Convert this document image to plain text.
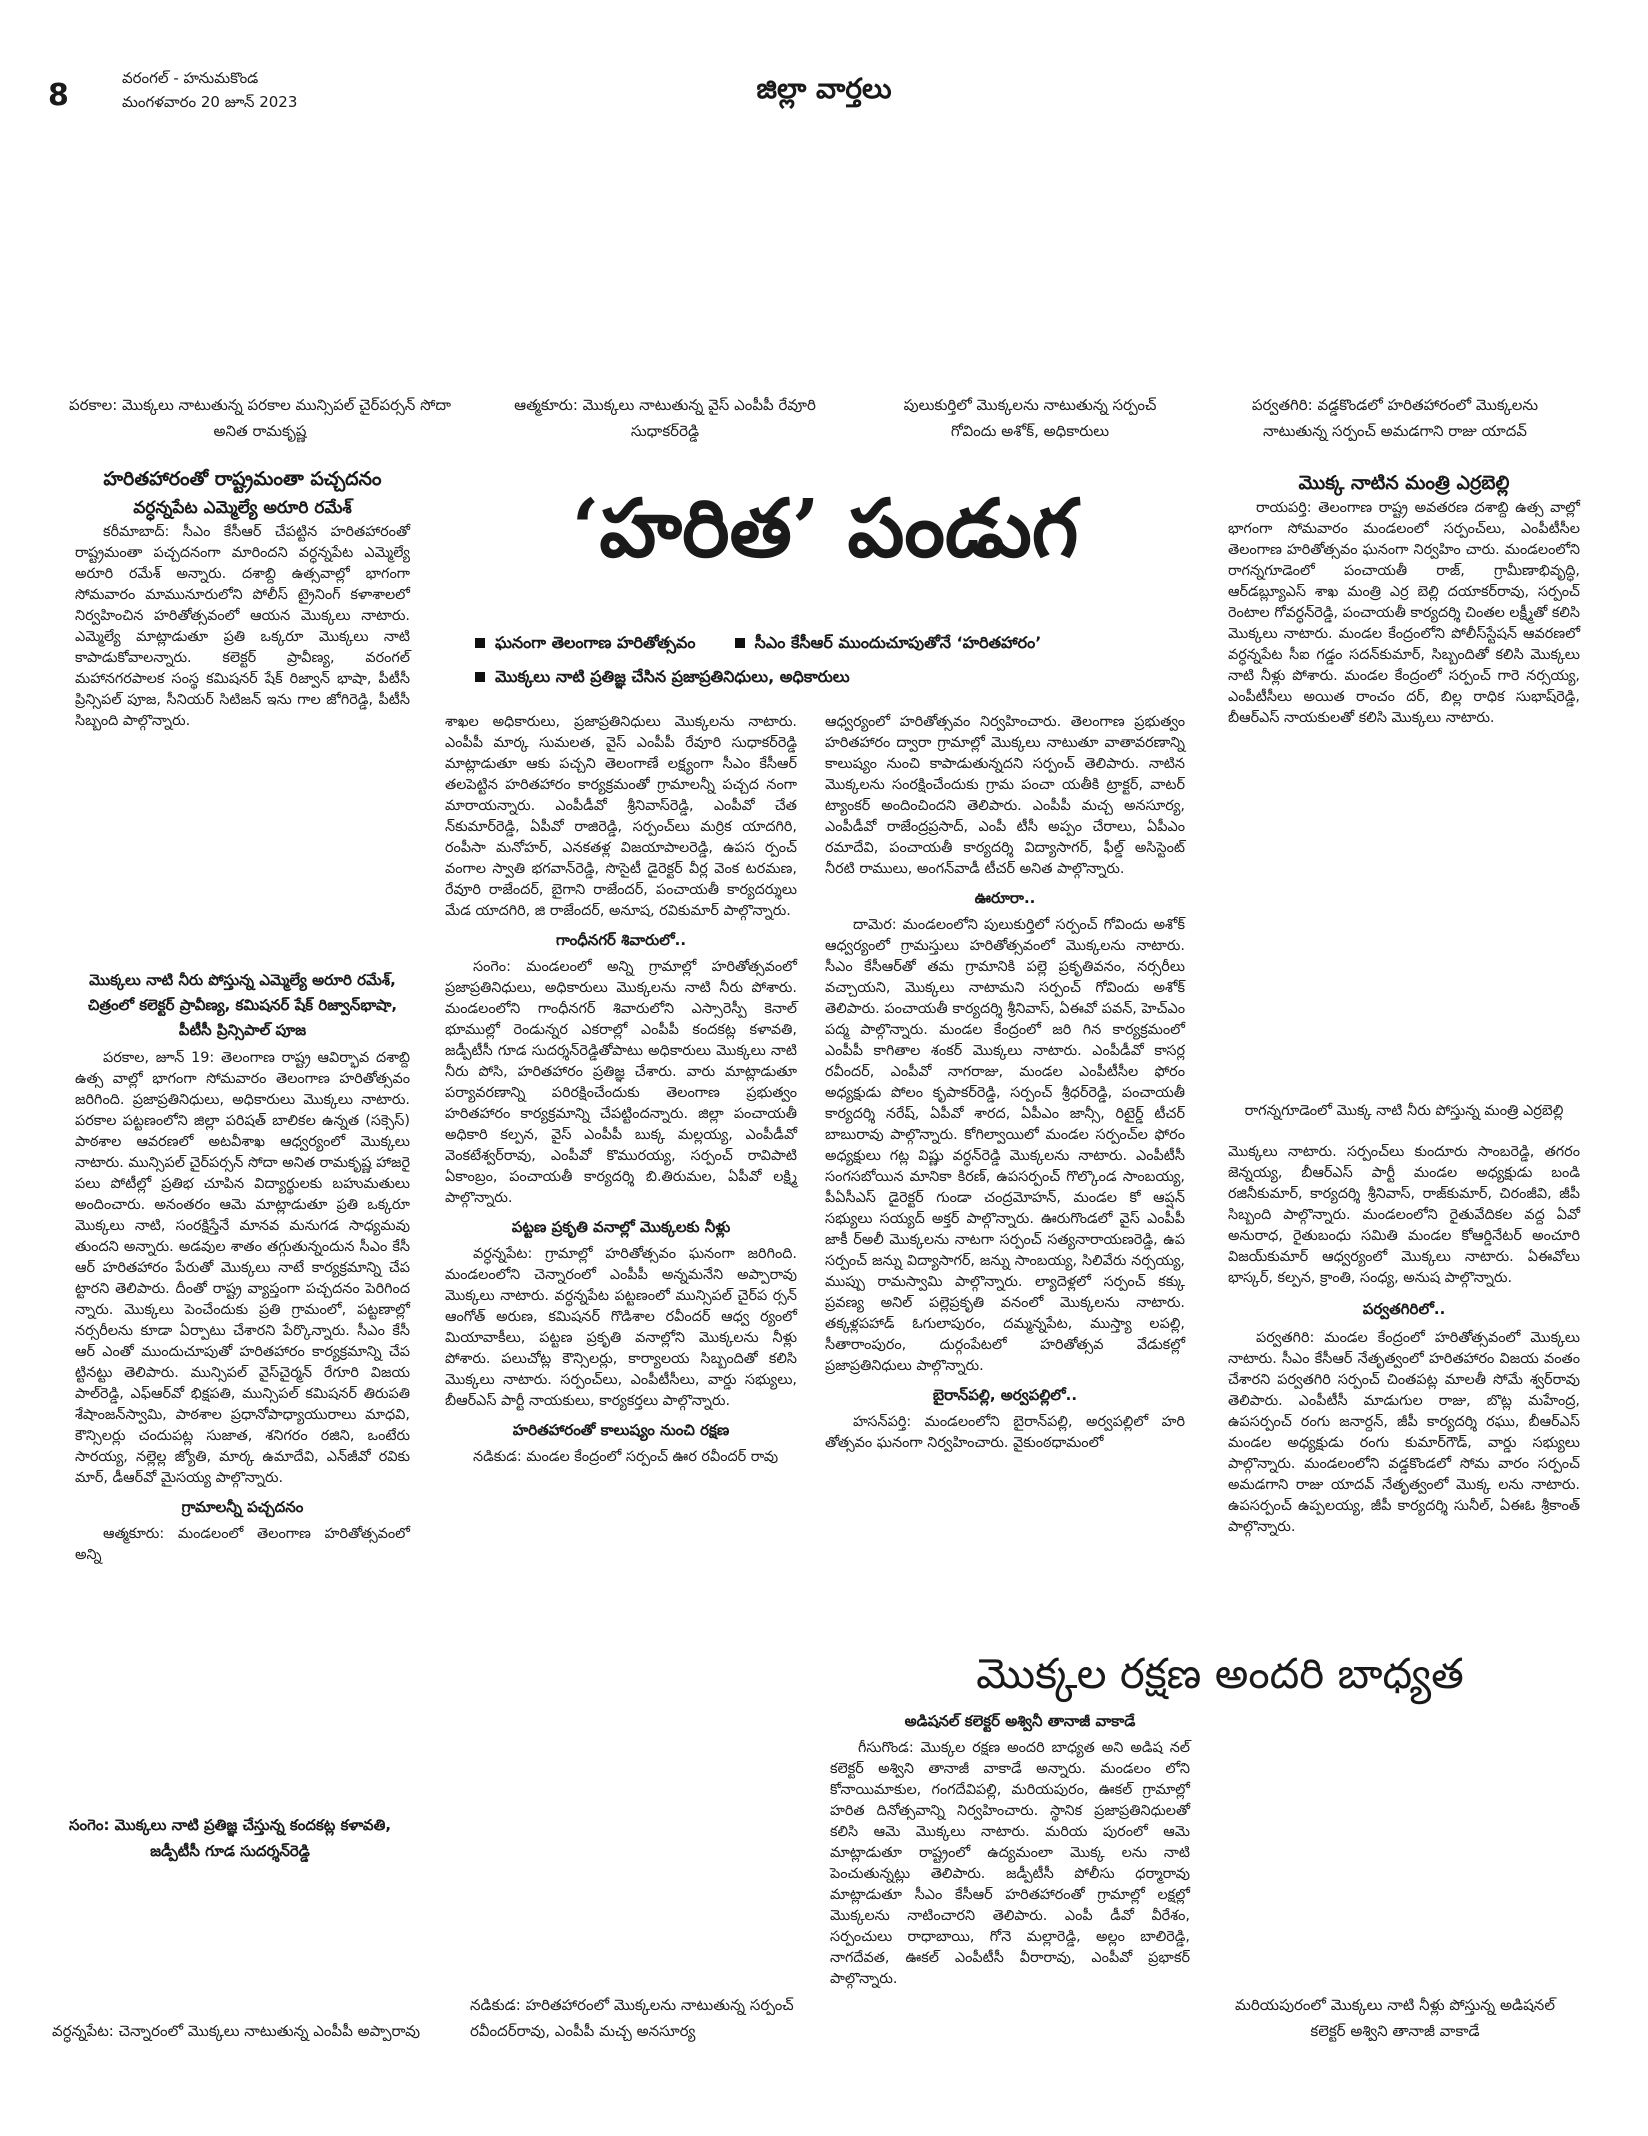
8	వరంగల్ - హనుమకొండ
మంగళవారం 20 జూన్ 2023	జిల్లా వార్తలు
పరకాల: మొక్కలు నాటుతున్న పరకాల మున్సిపల్ చైర్‌పర్సన్ సోదా అనిత రామకృష్ణ
ఆత్మకూరు: మొక్కలు నాటుతున్న వైస్ ఎంపీపీ రేవూరి సుధాకర్‌రెడ్డి
పులుకుర్తిలో మొక్కలను నాటుతున్న సర్పంచ్ గోవిందు అశోక్, అధికారులు
పర్వతగిరి: వడ్డకొండలో హరితహారంలో మొక్కలను నాటుతున్న సర్పంచ్ అమడగాని రాజు యాదవ్
హరితహారంతో రాష్ట్రమంతా పచ్చదనం
వర్ధన్నపేట ఎమ్మెల్యే అరూరి రమేశ్

కరీమాబాద్: సీఎం కేసీఆర్ చేపట్టిన హరితహారంతో రాష్ట్రమంతా పచ్చదనంగా మారిందని వర్ధన్నపేట ఎమ్మెల్యే అరూరి రమేశ్ అన్నారు. దశాబ్ది ఉత్సవాల్లో భాగంగా సోమవారం మామునూరులోని పోలీస్ ట్రైనింగ్ కళాశాలలో నిర్వహించిన హరితోత్సవంలో ఆయన మొక్కలు నాటారు. ఎమ్మెల్యే మాట్లాడుతూ ప్రతి ఒక్కరూ మొక్కలు నాటి కాపాడుకోవాలన్నారు. కలెక్టర్ ప్రావీణ్య, వరంగల్ మహానగరపాలక సంస్థ కమిషనర్ షేక్ రిజ్వాన్ భాషా, పీటీసీ ప్రిన్సిపల్ పూజ, సీనియర్ సిటిజన్ ఇను గాల జోగిరెడ్డి, పీటీసీ సిబ్బంది పాల్గొన్నారు.

‘హరిత’ పండుగ
ఘనంగా తెలంగాణ హరితోత్సవం	సీఎం కేసీఆర్ ముందుచూపుతోనే ‘హరితహారం’
మొక్కలు నాటి ప్రతిజ్ఞ చేసిన ప్రజాప్రతినిధులు, అధికారులు
మొక్క నాటిన మంత్రి ఎర్రబెల్లి

రాయపర్తి: తెలంగాణ రాష్ట్ర అవతరణ దశాబ్ది ఉత్స వాల్లో భాగంగా సోమవారం మండలంలో సర్పంచ్‌లు, ఎంపీటీసీల తెలంగాణ హరితోత్సవం ఘనంగా నిర్వహిం చారు. మండలంలోని రాగన్నగూడెంలో పంచాయతీ రాజ్, గ్రామీణాభివృద్ధి, ఆర్‌డబ్ల్యూఎస్ శాఖ మంత్రి ఎర్ర బెల్లి దయాకర్‌రావు, సర్పంచ్ రెంటాల గోవర్ధన్‌రెడ్డి, పంచాయతీ కార్యదర్శి చింతల లక్ష్మీతో కలిసి మొక్కలు నాటారు. మండల కేంద్రంలోని పోలీస్‌స్టేషన్ ఆవరణలో వర్ధన్నపేట సీఐ గడ్డం సదన్‌కుమార్, సిబ్బందితో కలిసి మొక్కలు నాటి నీళ్లు పోశారు. మండల కేంద్రంలో సర్పంచ్ గారె నర్సయ్య, ఎంపీటీసీలు అయిత రాంచం దర్, బిల్ల రాధిక సుభాష్‌రెడ్డి, బీఆర్‌ఎస్ నాయకులతో కలిసి మొక్కలు నాటారు.

శాఖల అధికారులు, ప్రజాప్రతినిధులు మొక్కలను నాటారు. ఎంపీపీ మార్క సుమలత, వైస్ ఎంపీపీ రేవూరి సుధాకర్‌రెడ్డి మాట్లాడుతూ ఆకు పచ్చని తెలంగాణే లక్ష్యంగా సీఎం కేసీఆర్ తలపెట్టిన హరితహారం కార్యక్రమంతో గ్రామాలన్నీ పచ్చద నంగా మారాయన్నారు. ఎంపీడీవో శ్రీనివాస్‌రెడ్డి, ఎంపీవో చేత న్‌కుమార్‌రెడ్డి, ఏపీవో రాజిరెడ్డి, సర్పంచ్‌లు మర్రిక యాదగిరి, రంపీసా మనోహర్, ఎనకతళ్ల విజయాపాలరెడ్డి, ఉపస ర్పంచ్ వంగాల స్వాతి భగవాన్‌రెడ్డి, సొసైటీ డైరెక్టర్ వీర్ల వెంక టరమణ, రేవూరి రాజేందర్, బైగాని రాజేందర్, పంచాయతీ కార్యదర్శులు మేడ యాదగిరి, జి రాజేందర్, అనూష, రవికుమార్ పాల్గొన్నారు.

గాంధీనగర్ శివారులో..

సంగెం: మండలంలో అన్ని గ్రామాల్లో హరితోత్సవంలో ప్రజాప్రతినిధులు, అధికారులు మొక్కలను నాటి నీరు పోశారు. మండలంలోని గాంధీనగర్ శివారులోని ఎస్సారెస్పీ కెనాల్ భూముల్లో రెండున్నర ఎకరాల్లో ఎంపీపీ కందకట్ల కళావతి, జడ్పీటీసీ గూడ సుదర్శన్‌రెడ్డితోపాటు అధికారులు మొక్కలు నాటి నీరు పోసి, హరితహారం ప్రతిజ్ఞ చేశారు. వారు మాట్లాడుతూ పర్యావరణాన్ని పరిరక్షించేందుకు తెలంగాణ ప్రభుత్వం హరితహారం కార్యక్రమాన్ని చేపట్టిందన్నారు. జిల్లా పంచాయతీ అధికారి కల్పన, వైస్ ఎంపీపీ బుక్క మల్లయ్య, ఎంపీడీవో వెంకటేశ్వర్‌రావు, ఎంపీవో కొమురయ్య, సర్పంచ్ రావిపాటి ఏకాంబ్రం, పంచాయతీ కార్యదర్శి బి.తిరుమల, ఏపీవో లక్ష్మి పాల్గొన్నారు.

పట్టణ ప్రకృతి వనాల్లో మొక్కలకు నీళ్లు

వర్ధన్నపేట: గ్రామాల్లో హరితోత్సవం ఘనంగా జరిగింది. మండలంలోని చెన్నారంలో ఎంపీపీ అన్నమనేని అప్పారావు మొక్కలు నాటారు. వర్ధన్నపేట పట్టణంలో మున్సిపల్ చైర్‌ప ర్సన్ ఆంగోత్ అరుణ, కమిషనర్ గొడిశాల రవీందర్ ఆధ్వ ర్యంలో మియావాకీలు, పట్టణ ప్రకృతి వనాల్లోని మొక్కలను నీళ్లు పోశారు. పలుచోట్ల కౌన్సిలర్లు, కార్యాలయ సిబ్బందితో కలిసి మొక్కలు నాటారు. సర్పంచ్‌లు, ఎంపీటీసీలు, వార్డు సభ్యులు, బీఆర్‌ఎస్ పార్టీ నాయకులు, కార్యకర్తలు పాల్గొన్నారు.

హరితహారంతో కాలుష్యం నుంచి రక్షణ

నడికుడ: మండల కేంద్రంలో సర్పంచ్ ఊర రవీందర్ రావు

ఆధ్వర్యంలో హరితోత్సవం నిర్వహించారు. తెలంగాణ ప్రభుత్వం హరితహారం ద్వారా గ్రామాల్లో మొక్కలు నాటుతూ వాతావరణాన్ని కాలుష్యం నుంచి కాపాడుతున్నదని సర్పంచ్ తెలిపారు. నాటిన మొక్కలను సంరక్షించేందుకు గ్రామ పంచా యతీకి ట్రాక్టర్, వాటర్ ట్యాంకర్ అందించిందని తెలిపారు. ఎంపీపీ మచ్చ అనసూర్య, ఎంపీడీవో రాజేంద్రప్రసాద్, ఎంపీ టీసీ అప్పం చేరాలు, ఏపీఎం రమాదేవి, పంచాయతీ కార్యదర్శి విద్యాసాగర్, ఫీల్డ్ అసిస్టెంట్ నీరటి రాములు, అంగన్‌వాడీ టీచర్ అనిత పాల్గొన్నారు.

ఊరూరా..

దామెర: మండలంలోని పులుకుర్తిలో సర్పంచ్ గోవిందు అశోక్ ఆధ్వర్యంలో గ్రామస్తులు హరితోత్సవంలో మొక్కలను నాటారు. సీఎం కేసీఆర్‌తో తమ గ్రామానికి పల్లె ప్రకృతివనం, నర్సరీలు వచ్చాయని, మొక్కలు నాటామని సర్పంచ్ గోవిందు అశోక్ తెలిపారు. పంచాయతీ కార్యదర్శి శ్రీనివాస్, ఏఈవో పవన్, హెచ్‌ఎం పద్మ పాల్గొన్నారు. మండల కేంద్రంలో జరి గిన కార్యక్రమంలో ఎంపీపీ కాగితాల శంకర్ మొక్కలు నాటారు. ఎంపీడీవో కాసర్ల రవీందర్, ఎంపీవో నాగరాజు, మండల ఎంపీటీసీల ఫోరం అధ్యక్షుడు పోలం కృపాకర్‌రెడ్డి, సర్పంచ్ శ్రీధర్‌రెడ్డి, పంచాయతీ కార్యదర్శి నరేష్, ఏపీవో శారద, ఏపీఎం జాన్సీ, రిటైర్డ్ టీచర్ బాబురావు పాల్గొన్నారు. కోగిల్వాయిలో మండల సర్పంచ్‌ల ఫోరం అధ్యక్షులు గట్ల విష్ణు వర్ధన్‌రెడ్డి మొక్కలను నాటారు. ఎంపీటీసీ సంగసబోయిన మానికా కిరణ్, ఉపసర్పంచ్ గొల్కొండ సాంబయ్య, పీఏసీఎస్ డైరెక్టర్ గుండా చంద్రమోహన్, మండల కో ఆప్షన్ సభ్యులు సయ్యద్ అక్తర్ పాల్గొన్నారు. ఊరుగొండలో వైస్ ఎంపీపీ జాకీ ర్‌అలీ మొక్కలను నాటగా సర్పంచ్ సత్యనారాయణరెడ్డి, ఉప సర్పంచ్ జన్ను విద్యాసాగర్, జన్ను సాంబయ్య, సిలివేరు నర్సయ్య, ముప్పు రామస్వామి పాల్గొన్నారు. ల్యాదెళ్లలో సర్పంచ్ కక్కు ప్రవణ్య అనిల్ పల్లెప్రకృతి వనంలో మొక్కలను నాటారు. తక్కళ్లపహాడ్ ఓగులాపురం, దమ్మన్నపేట, ముస్త్యా లపల్లి, సీతారాంపురం, దుర్గంపేటలో హరితోత్సవ వేడుకల్లో ప్రజాప్రతినిధులు పాల్గొన్నారు.

బైరాన్‌పల్లి, అర్వపల్లిలో..

హసన్‌పర్తి: మండలంలోని బైరాన్‌పల్లి, అర్వపల్లిలో హరి తోత్సవం ఘనంగా నిర్వహించారు. వైకుంఠధామంలో

మొక్కలు నాటి నీరు పోస్తున్న ఎమ్మెల్యే అరూరి రమేశ్, చిత్రంలో కలెక్టర్ ప్రావీణ్య, కమిషనర్ షేక్ రిజ్వాన్‌భాషా, పీటీసీ ప్రిన్సిపాల్ పూజ

పరకాల, జూన్ 19: తెలంగాణ రాష్ట్ర ఆవిర్భావ దశాబ్ది ఉత్స వాల్లో భాగంగా సోమవారం తెలంగాణ హరితోత్సవం జరిగింది. ప్రజాప్రతినిధులు, అధికారులు మొక్కలు నాటారు. పరకాల పట్టణంలోని జిల్లా పరిషత్ బాలికల ఉన్నత (సక్సెస్) పాఠశాల ఆవరణలో అటవీశాఖ ఆధ్వర్యంలో మొక్కలు నాటారు. మున్సిపల్ చైర్‌పర్సన్ సోదా అనిత రామకృష్ణ హాజరై పలు పోటీల్లో ప్రతిభ చూపిన విద్యార్థులకు బహుమతులు అందించారు. అనంతరం ఆమె మాట్లాడుతూ ప్రతి ఒక్కరూ మొక్కలు నాటి, సంరక్షిస్తేనే మానవ మనుగడ సాధ్యమవు తుందని అన్నారు. అడవుల శాతం తగ్గుతున్నందున సీఎం కేసీ ఆర్ హరితహారం పేరుతో మొక్కలు నాటే కార్యక్రమాన్ని చేప ట్టారని తెలిపారు. దీంతో రాష్ట్ర వ్యాప్తంగా పచ్చదనం పెరిగింద న్నారు. మొక్కలు పెంచేందుకు ప్రతి గ్రామంలో, పట్టణాల్లో నర్సరీలను కూడా ఏర్పాటు చేశారని పేర్కొన్నారు. సీఎం కేసీ ఆర్ ఎంతో ముందుచూపుతో హరితహారం కార్యక్రమాన్ని చేప ట్టినట్టు తెలిపారు. మున్సిపల్ వైస్‌చైర్మన్ రేగూరి విజయ పాల్‌రెడ్డి, ఎఫ్‌ఆర్‌వో భిక్షపతి, మున్సిపల్ కమిషనర్ తిరుపతి శేషాంజన్‌స్వామి, పాఠశాల ప్రధానోపాధ్యాయురాలు మాధవి, కౌన్సిలర్లు చందుపట్ల సుజాత, శనిగరం రజిని, ఒంటేరు సారయ్య, నల్లెల్ల జ్యోతి, మార్క ఉమాదేవి, ఎన్‌జీవో రవికు మార్, డీఆర్‌వో మైసయ్య పాల్గొన్నారు.

గ్రామాలన్నీ పచ్చదనం

ఆత్మకూరు: మండలంలో తెలంగాణ హరితోత్సవంలో అన్ని

రాగన్నగూడెంలో మొక్క నాటి నీరు పోస్తున్న మంత్రి ఎర్రబెల్లి

మొక్కలు నాటారు. సర్పంచ్‌లు కుందూరు సాంబరెడ్డి, తగరం జెన్నయ్య, బీఆర్‌ఎస్ పార్టీ మండల అధ్యక్షుడు బండి రజినీకుమార్, కార్యదర్శి శ్రీనివాస్, రాజ్‌కుమార్, చిరంజీవి, జీపీ సిబ్బంది పాల్గొన్నారు. మండలంలోని రైతువేదికల వద్ద ఏవో అనురాధ, రైతుబంధు సమితి మండల కోఆర్డినేటర్ అంచూరి విజయ్‌కుమార్ ఆధ్వర్యంలో మొక్కలు నాటారు. ఏఈవోలు భాస్కర్, కల్పన, క్రాంతి, సంధ్య, అనుష పాల్గొన్నారు.

పర్వతగిరిలో..

పర్వతగిరి: మండల కేంద్రంలో హరితోత్సవంలో మొక్కలు నాటారు. సీఎం కేసీఆర్ నేతృత్వంలో హరితహారం విజయ వంతం చేశారని పర్వతగిరి సర్పంచ్ చింతపట్ల మాలతీ సోమే శ్వర్‌రావు తెలిపారు. ఎంపీటీసీ మాడుగుల రాజు, బొట్ల మహేంద్ర, ఉపసర్పంచ్ రంగు జనార్దన్, జీపీ కార్యదర్శి రఘు, బీఆర్‌ఎస్ మండల అధ్యక్షుడు రంగు కుమార్‌గౌడ్, వార్డు సభ్యులు పాల్గొన్నారు. మండలంలోని వడ్డకొండలో సోమ వారం సర్పంచ్ అమడగాని రాజు యాదవ్ నేతృత్వంలో మొక్క లను నాటారు. ఉపసర్పంచ్ ఉప్పలయ్య, జీపీ కార్యదర్శి సునీల్, ఏఈఓ శ్రీకాంత్ పాల్గొన్నారు.

మొక్కల రక్షణ అందరి బాధ్యత
అడిషనల్ కలెక్టర్ అశ్వినీ తానాజీ వాకాడే

గీసుగొండ: మొక్కల రక్షణ అందరి బాధ్యత అని అడిష నల్ కలెక్టర్ అశ్విని తానాజీ వాకాడే అన్నారు. మండలం లోని కోనాయిమాకుల, గంగదేవిపల్లి, మరియపురం, ఊకల్ గ్రామాల్లో హరిత దినోత్సవాన్ని నిర్వహించారు. స్థానిక ప్రజాప్రతినిధులతో కలిసి ఆమె మొక్కలు నాటారు. మరియ పురంలో ఆమె మాట్లాడుతూ రాష్ట్రంలో ఉద్యమంలా మొక్క లను నాటి పెంచుతున్నట్లు తెలిపారు. జడ్పీటీసీ పోలీసు ధర్మారావు మాట్లాడుతూ సీఎం కేసీఆర్ హరితహారంతో గ్రామాల్లో లక్షల్లో మొక్కలను నాటించారని తెలిపారు. ఎంపీ డీవో వీరేశం, సర్పంచులు రాధాబాయి, గోనె మల్లారెడ్డి, అల్లం బాలిరెడ్డి, నాగదేవత, ఊకల్ ఎంపీటీసీ వీరారావు, ఎంపీవో ప్రభాకర్ పాల్గొన్నారు.

సంగెం: మొక్కలు నాటి ప్రతిజ్ఞ చేస్తున్న కందకట్ల కళావతి, జడ్పీటీసీ గూడ సుదర్శన్‌రెడ్డి
వర్ధన్నపేట: చెన్నారంలో మొక్కలు నాటుతున్న ఎంపీపీ అప్పారావు
నడికుడ: హరితహారంలో మొక్కలను నాటుతున్న సర్పంచ్ రవీందర్‌రావు, ఎంపీపీ మచ్చ అనసూర్య
మరియపురంలో మొక్కలు నాటి నీళ్లు పోస్తున్న అడిషనల్ కలెక్టర్ అశ్విని తానాజీ వాకాడే
